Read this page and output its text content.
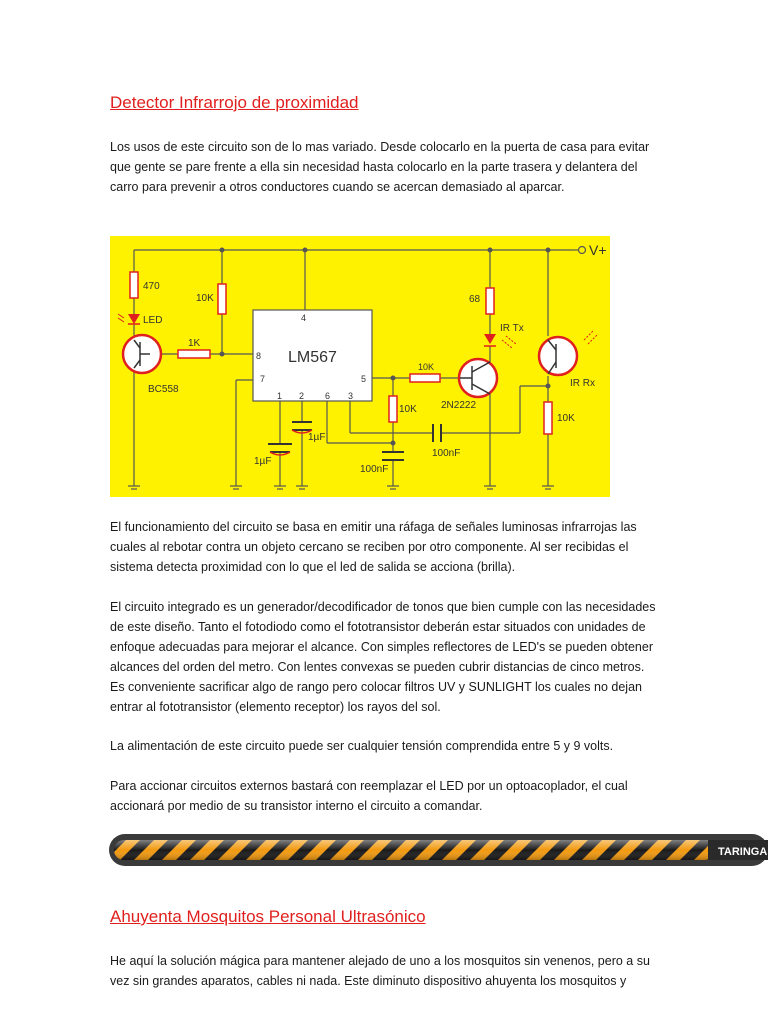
Detector Infrarrojo de proximidad

Los usos de este circuito son de lo mas variado. Desde colocarlo en la puerta de casa para evitar que gente se pare frente a ella sin necesidad hasta colocarlo en la parte trasera y delantera del carro para prevenir a otros conductores cuando se acercan demasiado al aparcar.

V+
470
LED
10K
1K
BC558
4
8
7	5
1 2 6 3
LM567
1µF
1µF
10K
10K
100nF
100nF
68
IR Tx
2N2222
IR Rx
10K

El funcionamiento del circuito se basa en emitir una ráfaga de señales luminosas infrarrojas las cuales al rebotar contra un objeto cercano se reciben por otro componente. Al ser recibidas el sistema detecta proximidad con lo que el led de salida se acciona (brilla).

El circuito integrado es un generador/decodificador de tonos que bien cumple con las necesidades de este diseño. Tanto el fotodiodo como el fototransistor deberán estar situados con unidades de enfoque adecuadas para mejorar el alcance. Con simples reflectores de LED's se pueden obtener alcances del orden del metro. Con lentes convexas se pueden cubrir distancias de cinco metros. Es conveniente sacrificar algo de rango pero colocar filtros UV y SUNLIGHT los cuales no dejan entrar al fototransistor (elemento receptor) los rayos del sol.

La alimentación de este circuito puede ser cualquier tensión comprendida entre 5 y 9 volts.

Para accionar circuitos externos bastará con reemplazar el LED por un optoacoplador, el cual accionará por medio de su transistor interno el circuito a comandar.

TARINGA
Ahuyenta Mosquitos Personal Ultrasónico

He aquí la solución mágica para mantener alejado de uno a los mosquitos sin venenos, pero a su vez sin grandes aparatos, cables ni nada. Este diminuto dispositivo ahuyenta los mosquitos y
